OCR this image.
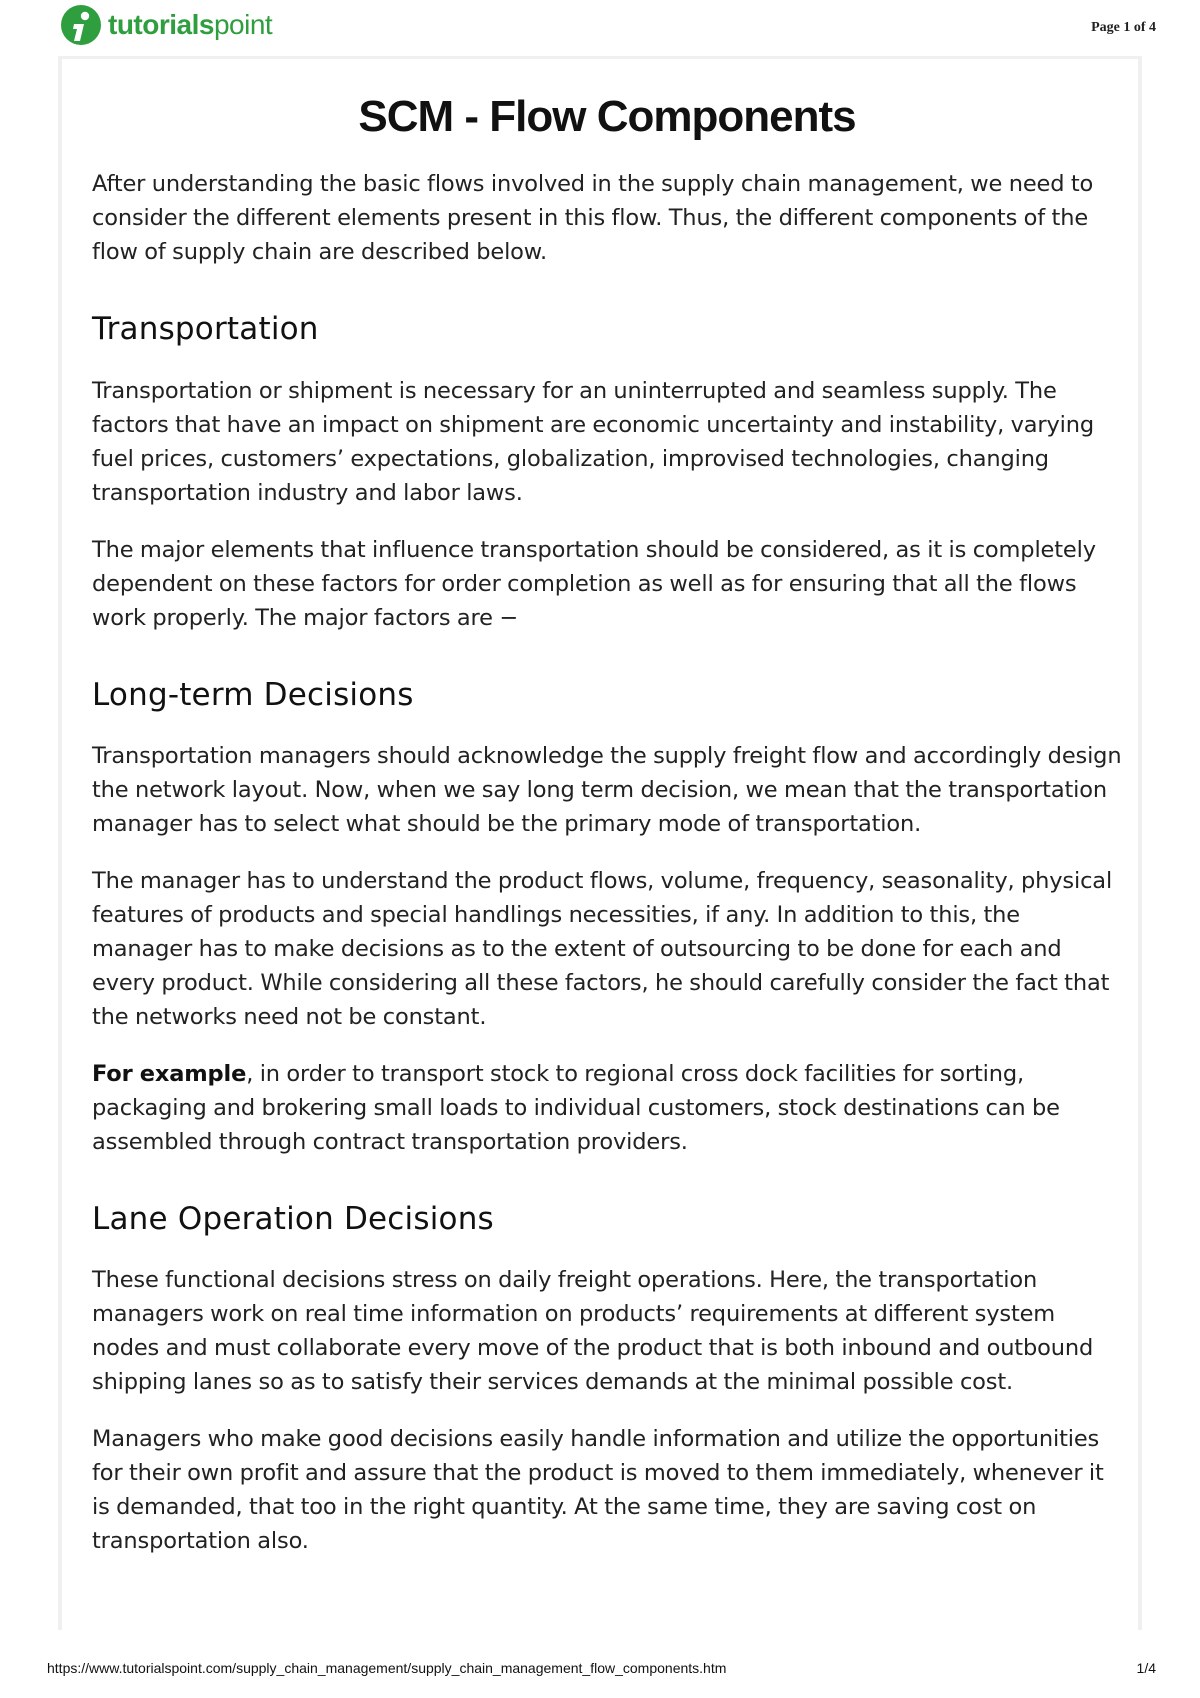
tutorialspoint	Page 1 of 4
SCM - Flow Components

After understanding the basic flows involved in the supply chain management, we need to consider the different elements present in this flow. Thus, the different components of the flow of supply chain are described below.

Transportation

Transportation or shipment is necessary for an uninterrupted and seamless supply. The factors that have an impact on shipment are economic uncertainty and instability, varying fuel prices, customers’ expectations, globalization, improvised technologies, changing transportation industry and labor laws.

The major elements that influence transportation should be considered, as it is completely dependent on these factors for order completion as well as for ensuring that all the flows work properly. The major factors are −

Long-term Decisions

Transportation managers should acknowledge the supply freight flow and accordingly design the network layout. Now, when we say long term decision, we mean that the transportation manager has to select what should be the primary mode of transportation.

The manager has to understand the product flows, volume, frequency, seasonality, physical features of products and special handlings necessities, if any. In addition to this, the manager has to make decisions as to the extent of outsourcing to be done for each and every product. While considering all these factors, he should carefully consider the fact that the networks need not be constant.

For example, in order to transport stock to regional cross dock facilities for sorting, packaging and brokering small loads to individual customers, stock destinations can be assembled through contract transportation providers.

Lane Operation Decisions

These functional decisions stress on daily freight operations. Here, the transportation managers work on real time information on products’ requirements at different system nodes and must collaborate every move of the product that is both inbound and outbound shipping lanes so as to satisfy their services demands at the minimal possible cost.

Managers who make good decisions easily handle information and utilize the opportunities for their own profit and assure that the product is moved to them immediately, whenever it is demanded, that too in the right quantity. At the same time, they are saving cost on transportation also.

https://www.tutorialspoint.com/supply_chain_management/supply_chain_management_flow_components.htm	1/4
